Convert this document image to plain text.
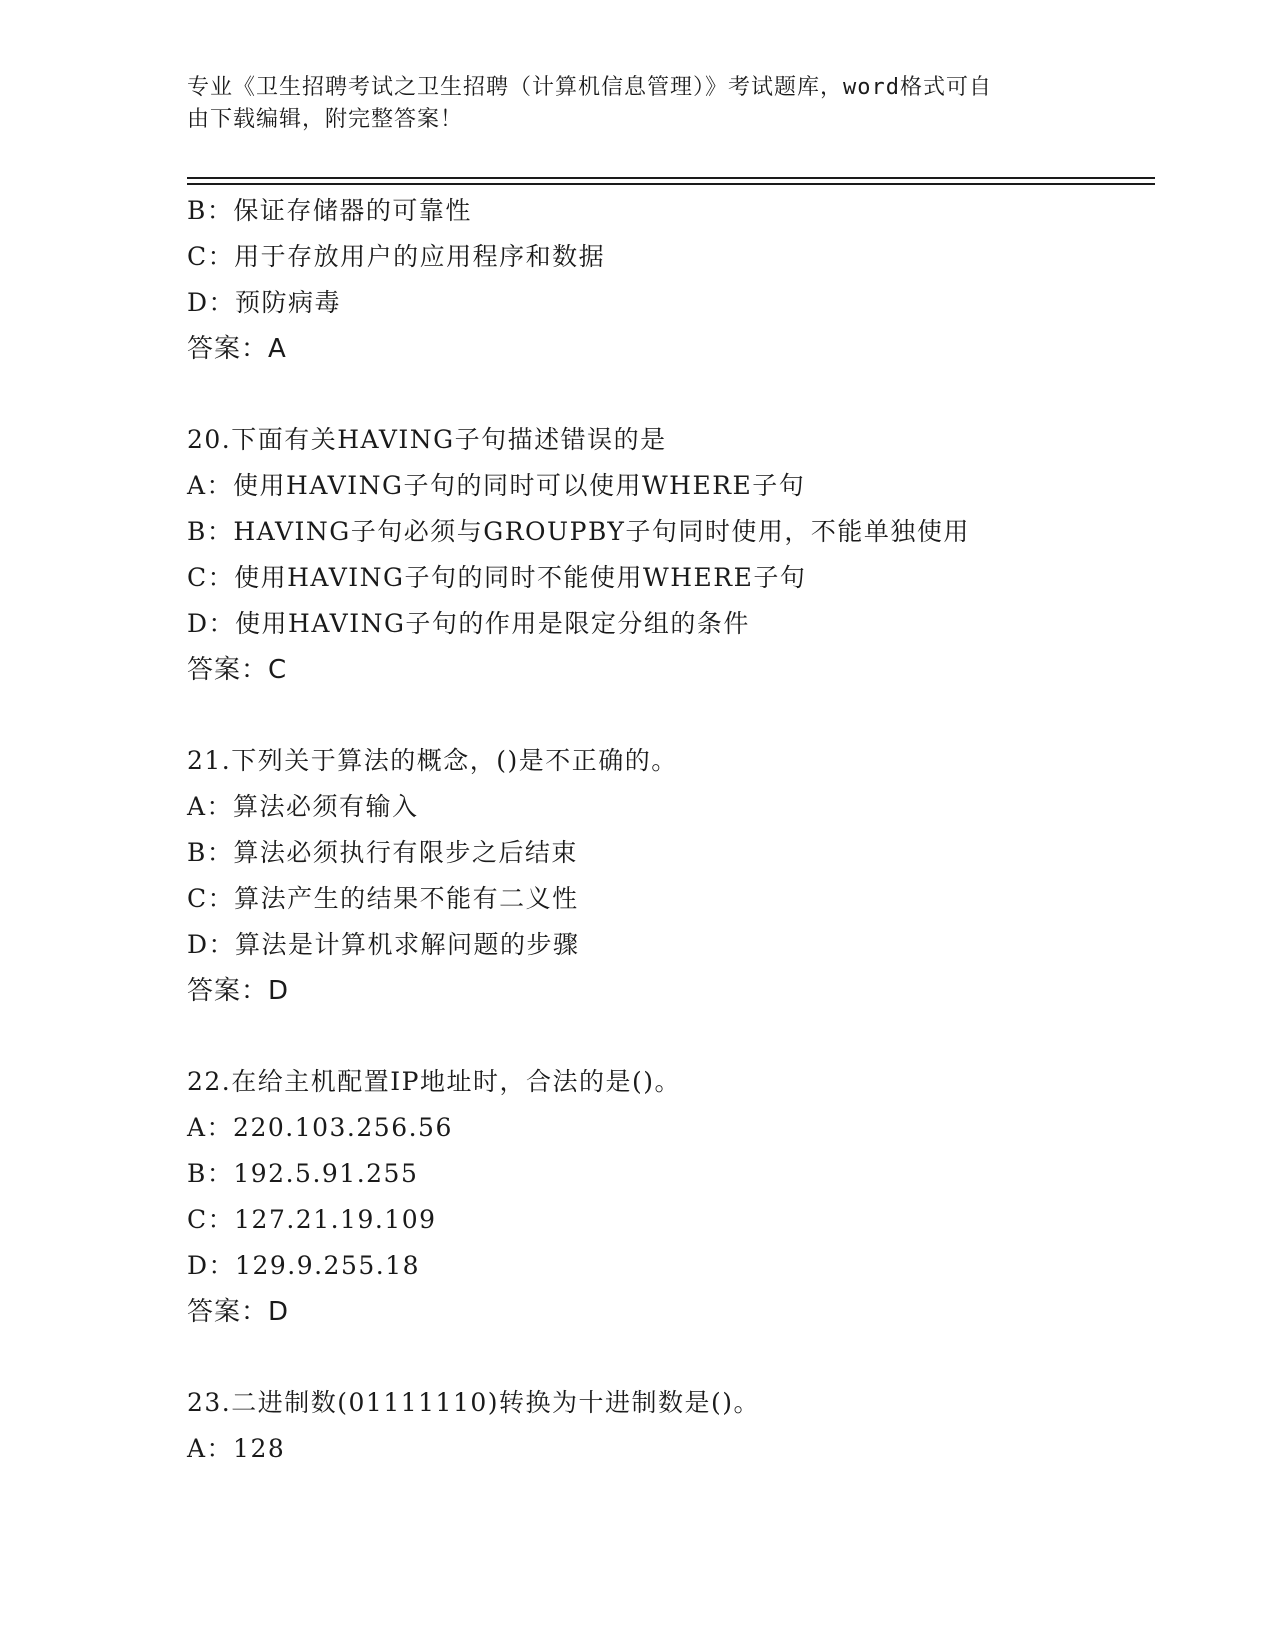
专业《卫生招聘考试之卫生招聘（计算机信息管理）》考试题库，word格式可自
由下载编辑，附完整答案！
B：保证存储器的可靠性
C：用于存放用户的应用程序和数据
D：预防病毒
答案：A
20.下面有关HAVING子句描述错误的是
A：使用HAVING子句的同时可以使用WHERE子句
B：HAVING子句必须与GROUPBY子句同时使用，不能单独使用
C：使用HAVING子句的同时不能使用WHERE子句
D：使用HAVING子句的作用是限定分组的条件
答案：C
21.下列关于算法的概念，()是不正确的。
A：算法必须有输入
B：算法必须执行有限步之后结束
C：算法产生的结果不能有二义性
D：算法是计算机求解问题的步骤
答案：D
22.在给主机配置IP地址时，合法的是()。
A：220.103.256.56
B：192.5.91.255
C：127.21.19.109
D：129.9.255.18
答案：D
23.二进制数(01111110)转换为十进制数是()。
A：128
